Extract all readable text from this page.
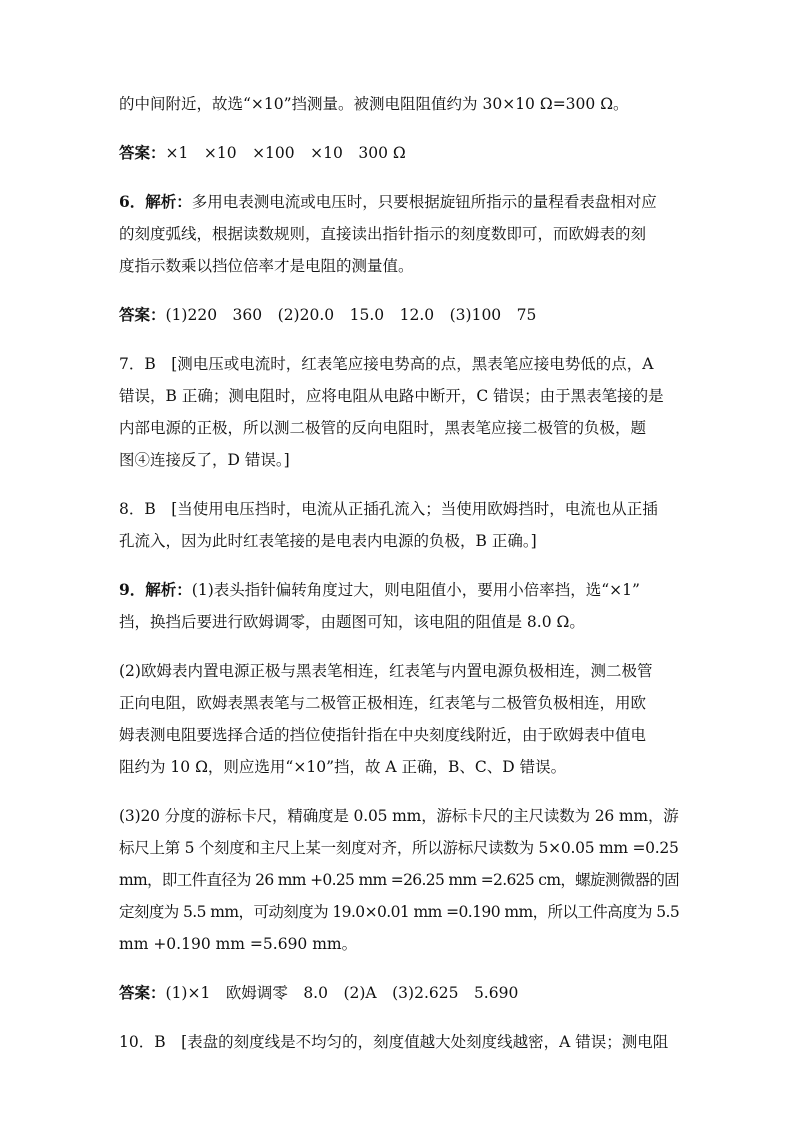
的中间附近，故选“×10”挡测量。被测电阻阻值约为 30×10 Ω=300 Ω。
答案：×1　×10　×100　×10　300 Ω
6．解析：多用电表测电流或电压时，只要根据旋钮所指示的量程看表盘相对应
的刻度弧线，根据读数规则，直接读出指针指示的刻度数即可，而欧姆表的刻
度指示数乘以挡位倍率才是电阻的测量值。
答案：(1)220　360　(2)20.0　15.0　12.0　(3)100　75
7．B　[测电压或电流时，红表笔应接电势高的点，黑表笔应接电势低的点，A
错误，B 正确；测电阻时，应将电阻从电路中断开，C 错误；由于黑表笔接的是
内部电源的正极，所以测二极管的反向电阻时，黑表笔应接二极管的负极，题
图④连接反了，D 错误。]
8．B　[当使用电压挡时，电流从正插孔流入；当使用欧姆挡时，电流也从正插
孔流入，因为此时红表笔接的是电表内电源的负极，B 正确。]
9．解析：(1)表头指针偏转角度过大，则电阻值小，要用小倍率挡，选“×1”
挡，换挡后要进行欧姆调零，由题图可知，该电阻的阻值是 8.0 Ω。
(2)欧姆表内置电源正极与黑表笔相连，红表笔与内置电源负极相连，测二极管
正向电阻，欧姆表黑表笔与二极管正极相连，红表笔与二极管负极相连，用欧
姆表测电阻要选择合适的挡位使指针指在中央刻度线附近，由于欧姆表中值电
阻约为 10 Ω，则应选用“×10”挡，故 A 正确，B、C、D 错误。
(3)20 分度的游标卡尺，精确度是 0.05 mm，游标卡尺的主尺读数为 26 mm，游
标尺上第 5 个刻度和主尺上某一刻度对齐，所以游标尺读数为 5×0.05 mm =0.25
mm，即工件直径为 26 mm +0.25 mm =26.25 mm =2.625 cm，螺旋测微器的固
定刻度为 5.5 mm，可动刻度为 19.0×0.01 mm =0.190 mm，所以工件高度为 5.5
mm +0.190 mm =5.690 mm。
答案：(1)×1　欧姆调零　8.0　(2)A　(3)2.625　5.690
10．B　[表盘的刻度线是不均匀的，刻度值越大处刻度线越密，A 错误；测电阻
